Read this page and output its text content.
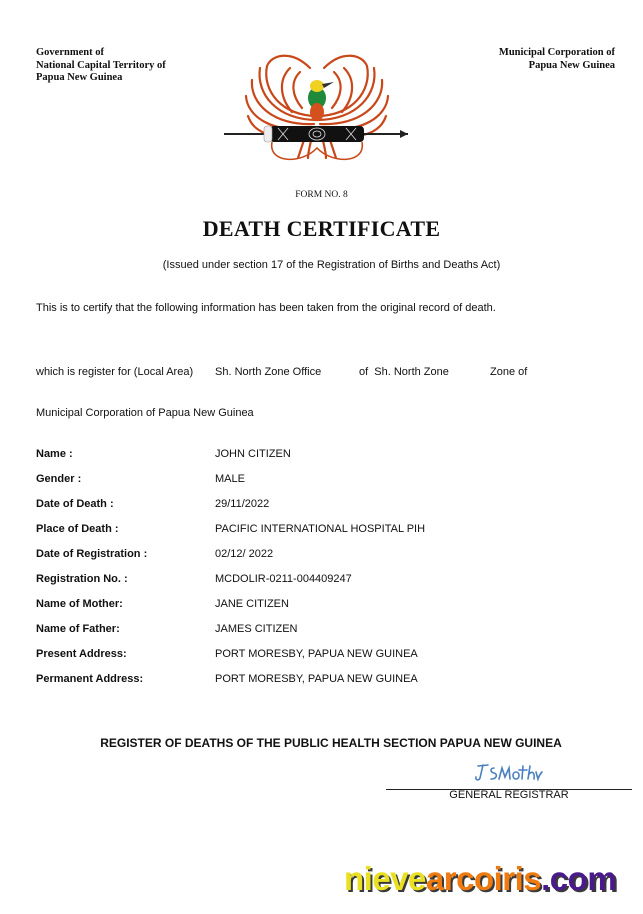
Government of
National Capital Territory of
Papua New Guinea
Municipal Corporation of
Papua New Guinea
FORM NO. 8
DEATH CERTIFICATE
(Issued under section 17 of the Registration of Births and Deaths Act)
This is to certify that the following information has been taken from the original record of death.
which is register for (Local Area) Sh. North Zone Office	of  Sh. North Zone	Zone of
Municipal Corporation of Papua New Guinea
Name :	JOHN CITIZEN
Gender :	MALE
Date of Death :	29/11/2022
Place of Death :	PACIFIC INTERNATIONAL HOSPITAL PIH
Date of Registration :	02/12/ 2022
Registration No. :	MCDOLIR-0211-004409247
Name of Mother:	JANE CITIZEN
Name of Father:	JAMES CITIZEN
Present Address:	PORT MORESBY, PAPUA NEW GUINEA
Permanent Address:	PORT MORESBY, PAPUA NEW GUINEA
REGISTER OF DEATHS OF THE PUBLIC HEALTH SECTION PAPUA NEW GUINEA
GENERAL REGISTRAR
nievearcoiris.com
